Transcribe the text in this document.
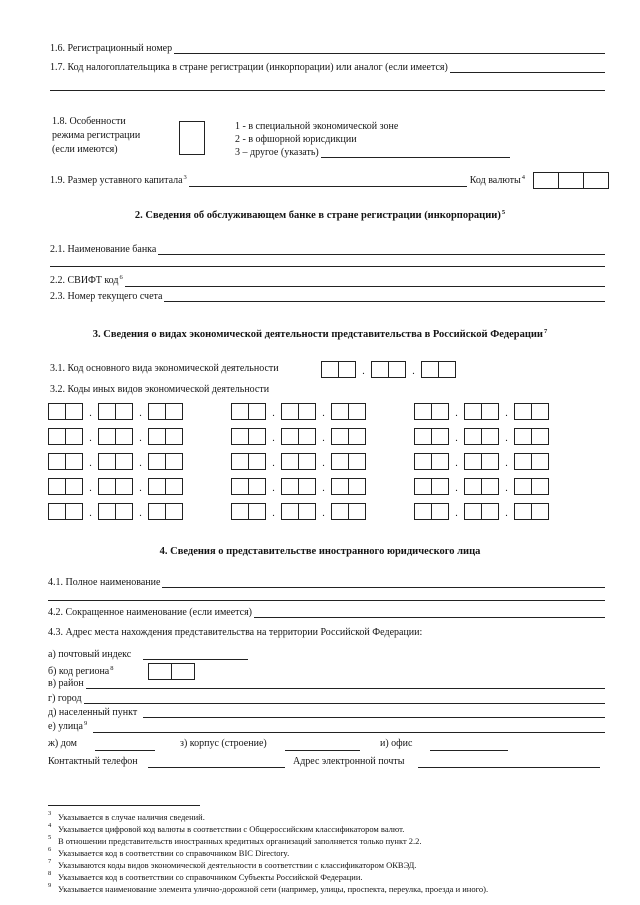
1.6. Регистрационный номер
1.7. Код налогоплательщика в стране регистрации (инкорпорации) или аналог (если имеется)
1.8. Особенности
режима регистрации
(если имеются)
1 - в специальной экономической зоне
2 - в офшорной юрисдикции
3 – другое (указать)
1.9. Размер уставного капитала$^3$	Код валюты$^4$
2. Сведения об обслуживающем банке в стране регистрации (инкорпорации)$^5$
2.1. Наименование банка
2.2. СВИФТ код$^6$
2.3. Номер текущего счета
3. Сведения о видах экономической деятельности представительства в Российской Федерации$^7$
3.1. Код основного вида экономической деятельности	.	.
3.2. Коды иных видов экономической деятельности
.	.	.	.	.	.
.	.	.	.	.	.
.	.	.	.	.	.
.	.	.	.	.	.
.	.	.	.	.	.
4. Сведения о представительстве иностранного юридического лица
4.1. Полное наименование
4.2. Сокращенное наименование (если имеется)
4.3. Адрес места нахождения представительства на территории Российской Федерации:
а) почтовый индекс
б) код региона$^8$
в) район
г) город
д) населенный пункт
е) улица$^9$
ж) дом	з) корпус (строение)	и) офис
Контактный телефон	Адрес электронной почты
3 Указывается в случае наличия сведений.
4 Указывается цифровой код валюты в соответствии с Общероссийским классификатором валют.
5 В отношении представительств иностранных кредитных организаций заполняется только пункт 2.2.
6 Указывается код в соответствии со справочником BIC Directory.
7 Указываются коды видов экономической деятельности в соответствии с классификатором ОКВЭД.
8 Указывается код в соответствии со справочником Субъекты Российской Федерации.
9 Указывается наименование элемента улично-дорожной сети (например, улицы, проспекта, переулка, проезда и иного).
